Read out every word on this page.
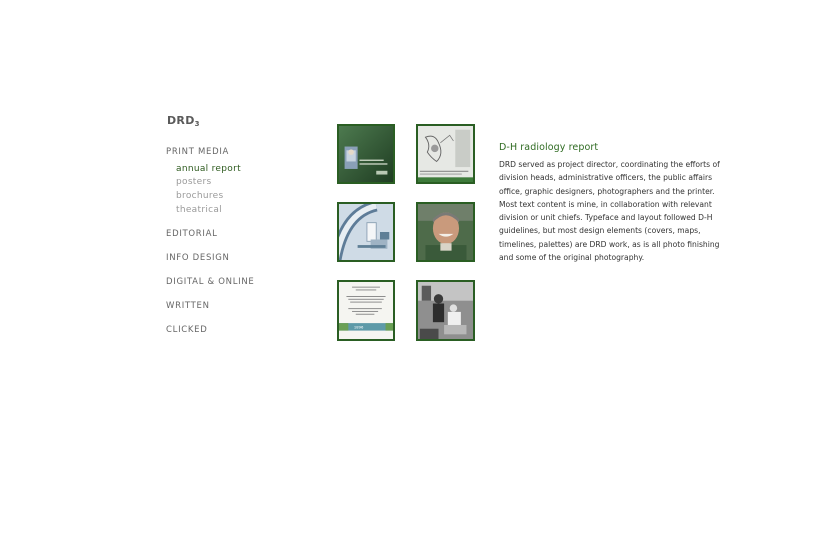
$DRD_3$
PRINT MEDIA
annual report
posters
brochures
theatrical
EDITORIAL
INFO DESIGN
DIGITAL & ONLINE
WRITTEN
CLICKED	1896
D-H radiology report
DRD served as project director, coordinating the efforts of division heads, administrative officers, the public affairs office, graphic designers, photographers and the printer. Most text content is mine, in collaboration with relevant division or unit chiefs. Typeface and layout followed D-H guidelines, but most design elements (covers, maps, timelines, palettes) are DRD work, as is all photo finishing and some of the original photography.
